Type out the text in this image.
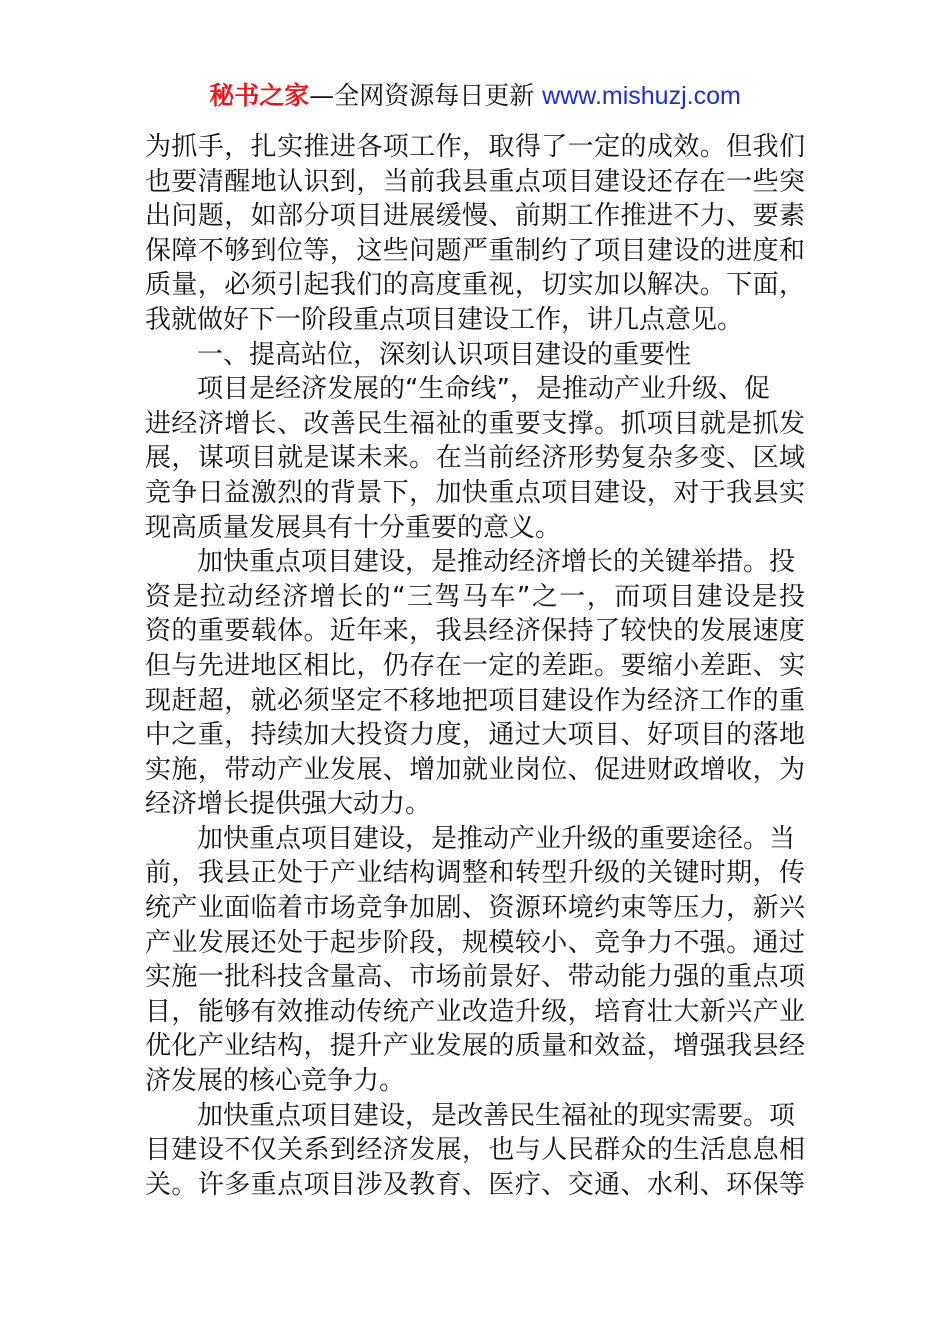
秘书之家—全网资源每日更新 www.mishuzj.com
为抓手，扎实推进各项工作，取得了一定的成效。但我们
也要清醒地认识到，当前我县重点项目建设还存在一些突
出问题，如部分项目进展缓慢、前期工作推进不力、要素
保障不够到位等，这些问题严重制约了项目建设的进度和
质量，必须引起我们的高度重视，切实加以解决。下面，
我就做好下一阶段重点项目建设工作，讲几点意见。
一、提高站位，深刻认识项目建设的重要性
项目是经济发展的“生命线”，是推动产业升级、促
进经济增长、改善民生福祉的重要支撑。抓项目就是抓发
展，谋项目就是谋未来。在当前经济形势复杂多变、区域
竞争日益激烈的背景下，加快重点项目建设，对于我县实
现高质量发展具有十分重要的意义。
加快重点项目建设，是推动经济增长的关键举措。投
资是拉动经济增长的“三驾马车”之一，而项目建设是投
资的重要载体。近年来，我县经济保持了较快的发展速度
但与先进地区相比，仍存在一定的差距。要缩小差距、实
现赶超，就必须坚定不移地把项目建设作为经济工作的重
中之重，持续加大投资力度，通过大项目、好项目的落地
实施，带动产业发展、增加就业岗位、促进财政增收，为
经济增长提供强大动力。
加快重点项目建设，是推动产业升级的重要途径。当
前，我县正处于产业结构调整和转型升级的关键时期，传
统产业面临着市场竞争加剧、资源环境约束等压力，新兴
产业发展还处于起步阶段，规模较小、竞争力不强。通过
实施一批科技含量高、市场前景好、带动能力强的重点项
目，能够有效推动传统产业改造升级，培育壮大新兴产业
优化产业结构，提升产业发展的质量和效益，增强我县经
济发展的核心竞争力。
加快重点项目建设，是改善民生福祉的现实需要。项
目建设不仅关系到经济发展，也与人民群众的生活息息相
关。许多重点项目涉及教育、医疗、交通、水利、环保等
